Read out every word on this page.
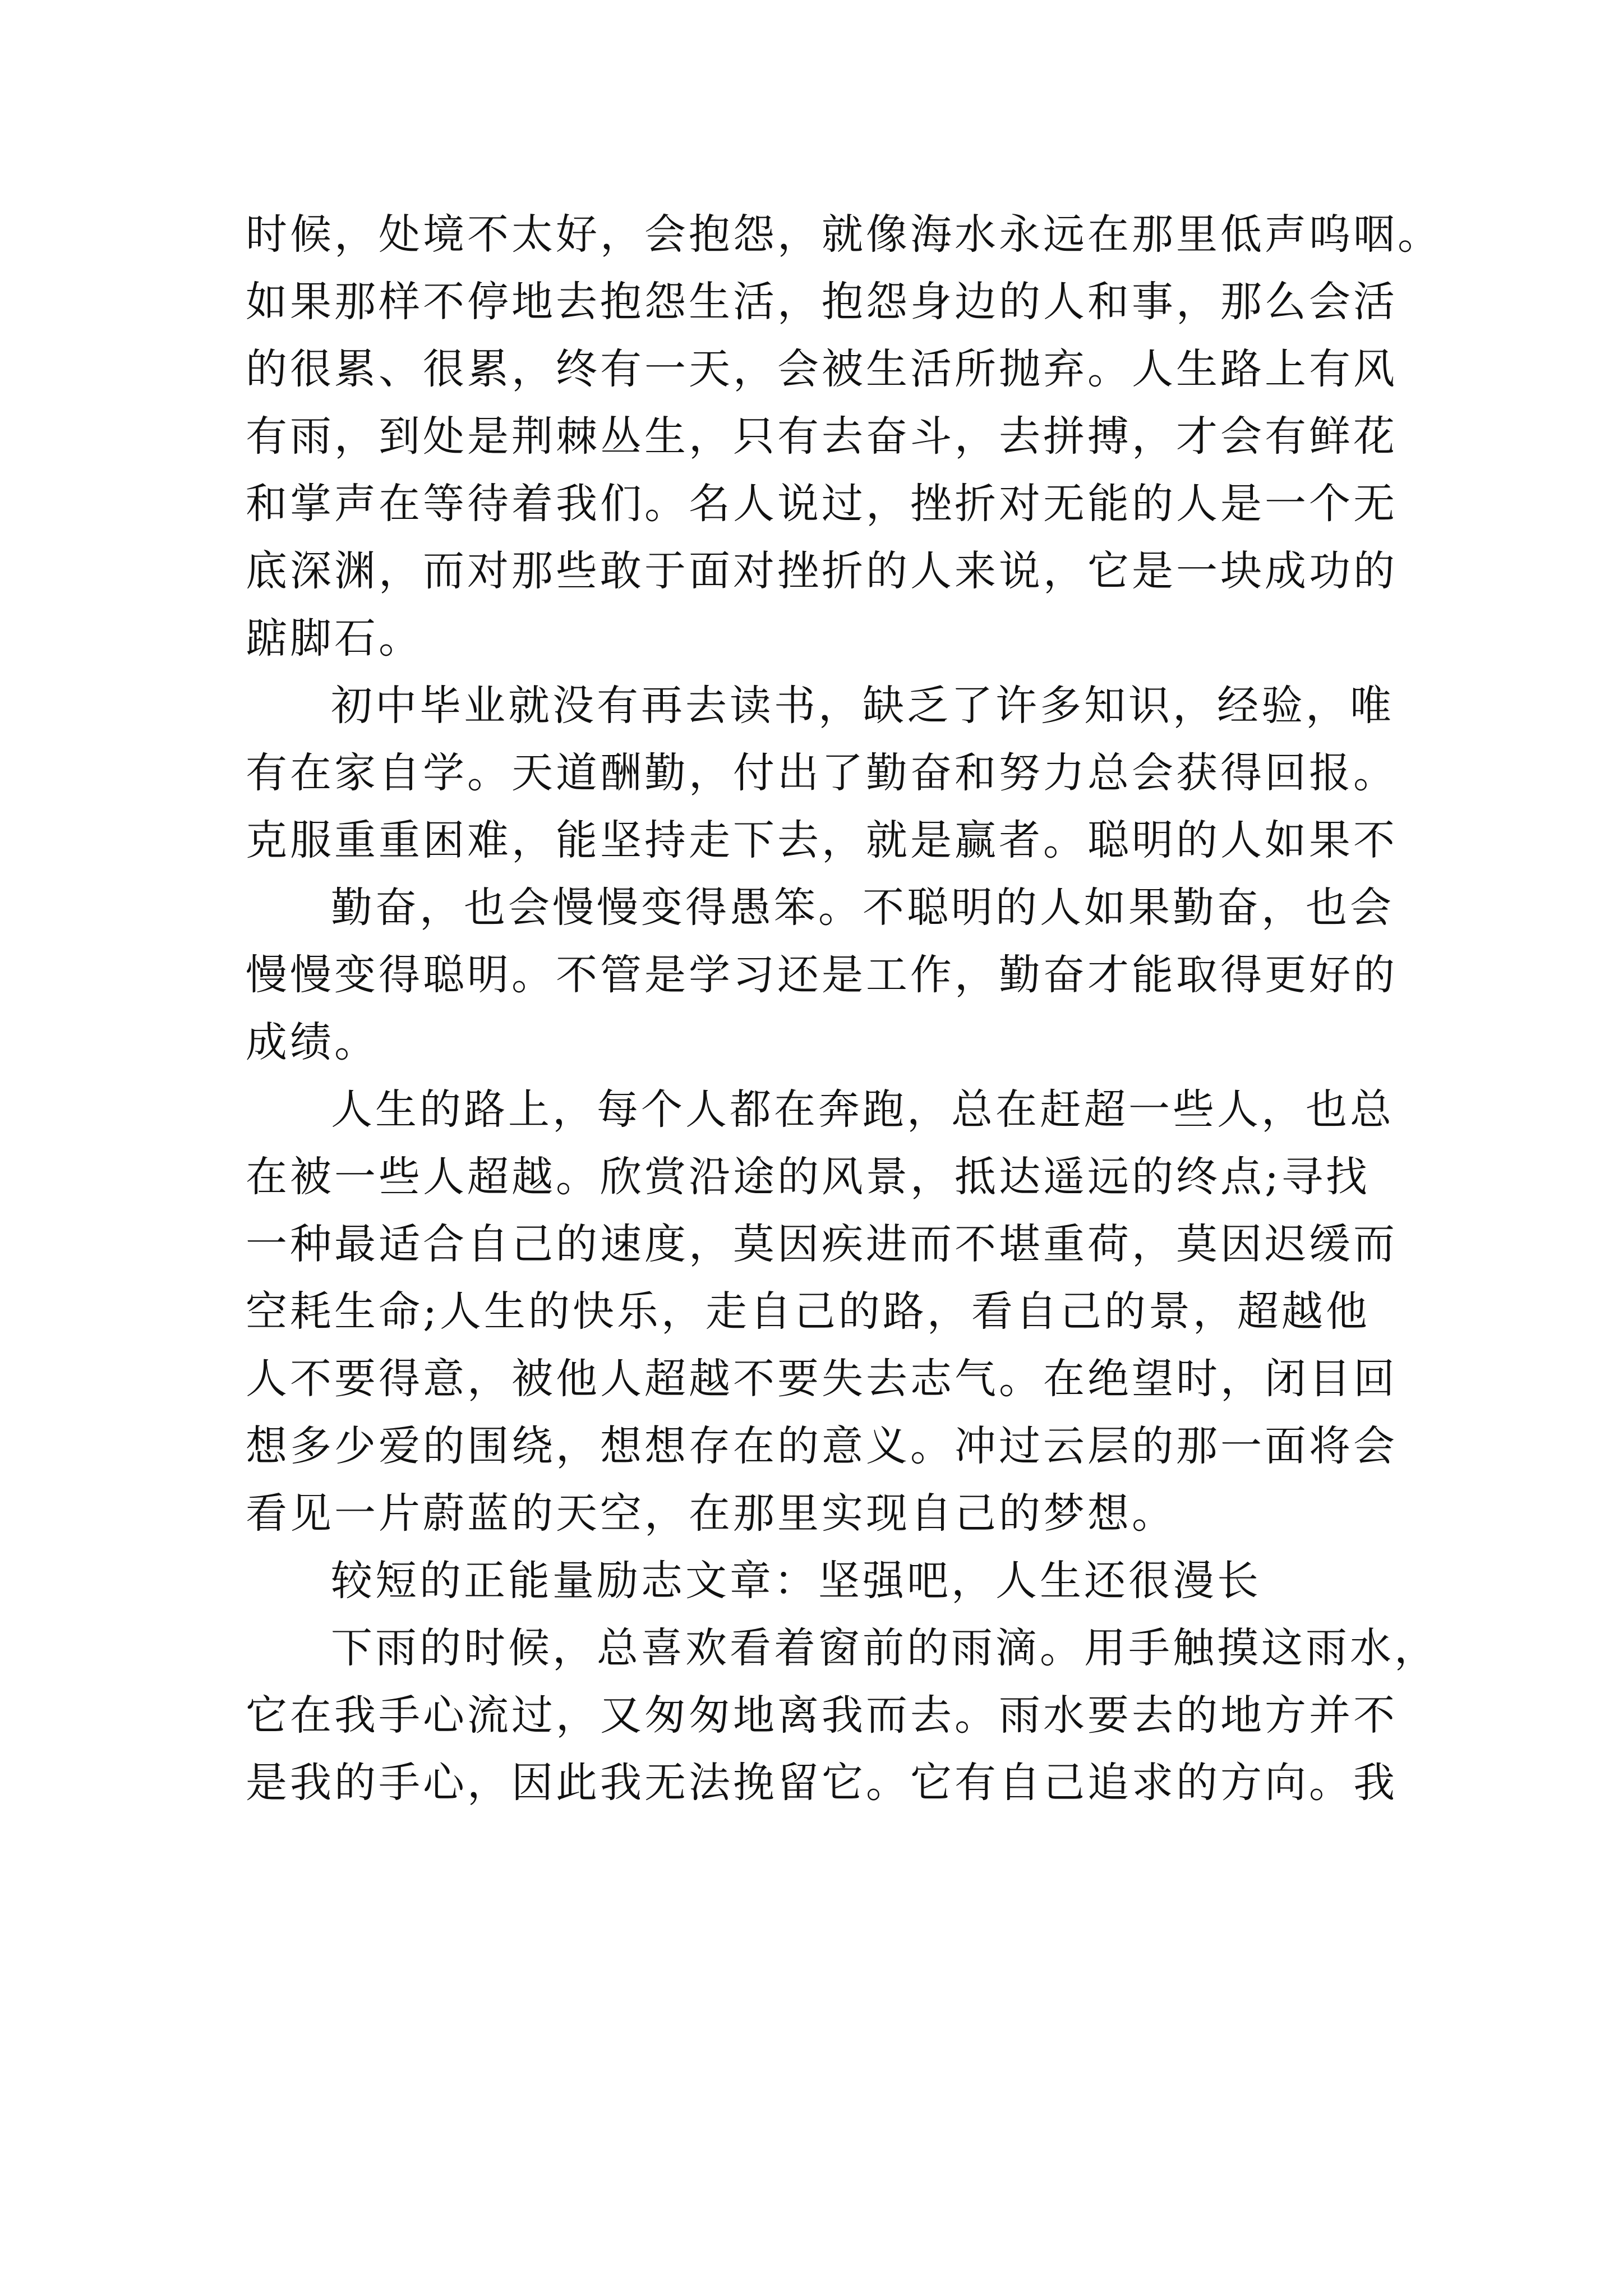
时候，处境不太好，会抱怨，就像海水永远在那里低声呜咽。
如果那样不停地去抱怨生活，抱怨身边的人和事，那么会活
的很累、很累，终有一天，会被生活所抛弃。人生路上有风
有雨，到处是荆棘丛生，只有去奋斗，去拼搏，才会有鲜花
和掌声在等待着我们。名人说过，挫折对无能的人是一个无
底深渊，而对那些敢于面对挫折的人来说，它是一块成功的
踮脚石。
初中毕业就没有再去读书，缺乏了许多知识，经验，唯
有在家自学。天道酬勤，付出了勤奋和努力总会获得回报。
克服重重困难，能坚持走下去，就是赢者。聪明的人如果不
勤奋，也会慢慢变得愚笨。不聪明的人如果勤奋，也会
慢慢变得聪明。不管是学习还是工作，勤奋才能取得更好的
成绩。
人生的路上，每个人都在奔跑，总在赶超一些人，也总
在被一些人超越。欣赏沿途的风景，抵达遥远的终点;寻找
一种最适合自己的速度，莫因疾进而不堪重荷，莫因迟缓而
空耗生命;人生的快乐，走自己的路，看自己的景，超越他
人不要得意，被他人超越不要失去志气。在绝望时，闭目回
想多少爱的围绕，想想存在的意义。冲过云层的那一面将会
看见一片蔚蓝的天空，在那里实现自己的梦想。
较短的正能量励志文章：坚强吧，人生还很漫长
下雨的时候，总喜欢看着窗前的雨滴。用手触摸这雨水，
它在我手心流过，又匆匆地离我而去。雨水要去的地方并不
是我的手心，因此我无法挽留它。它有自己追求的方向。我
